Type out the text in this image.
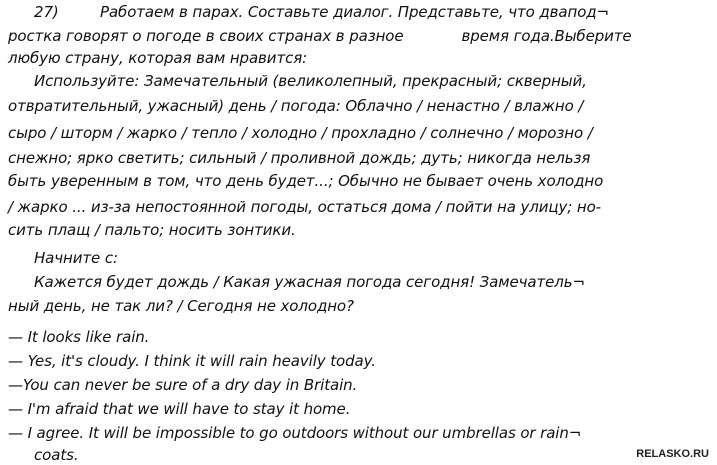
27)	Работаем в парах. Составьте диалог. Представьте, что двапод¬
ростка говорят о погоде в своих странах в разное	время года.Выберите
любую страну, которая вам нравится:
Используйте: Замечательный (великолепный, прекрасный; скверный,
отвратительный, ужасный) день / погода: Облачно / ненастно / влажно /
сыро / шторм / жарко / тепло / холодно / прохладно / солнечно / морозно /
снежно; ярко светить; сильный / проливной дождь; дуть; никогда нельзя
быть уверенным в том, что день будет...; Обычно не бывает очень холодно
/ жарко ... из-за непостоянной погоды, остаться дома / пойти на улицу; но-
сить плащ / пальто; носить зонтики.
Начните с:
Кажется будет дождь / Какая ужасная погода сегодня! Замечатель¬
ный день, не так ли? / Сегодня не холодно?
— It looks like rain.
— Yes, it's cloudy. I think it will rain heavily today.
—You can never be sure of a dry day in Britain.
— I'm afraid that we will have to stay it home.
— I agree. It will be impossible to go outdoors without our umbrellas or rain¬
coats.	RELASKO.RU
